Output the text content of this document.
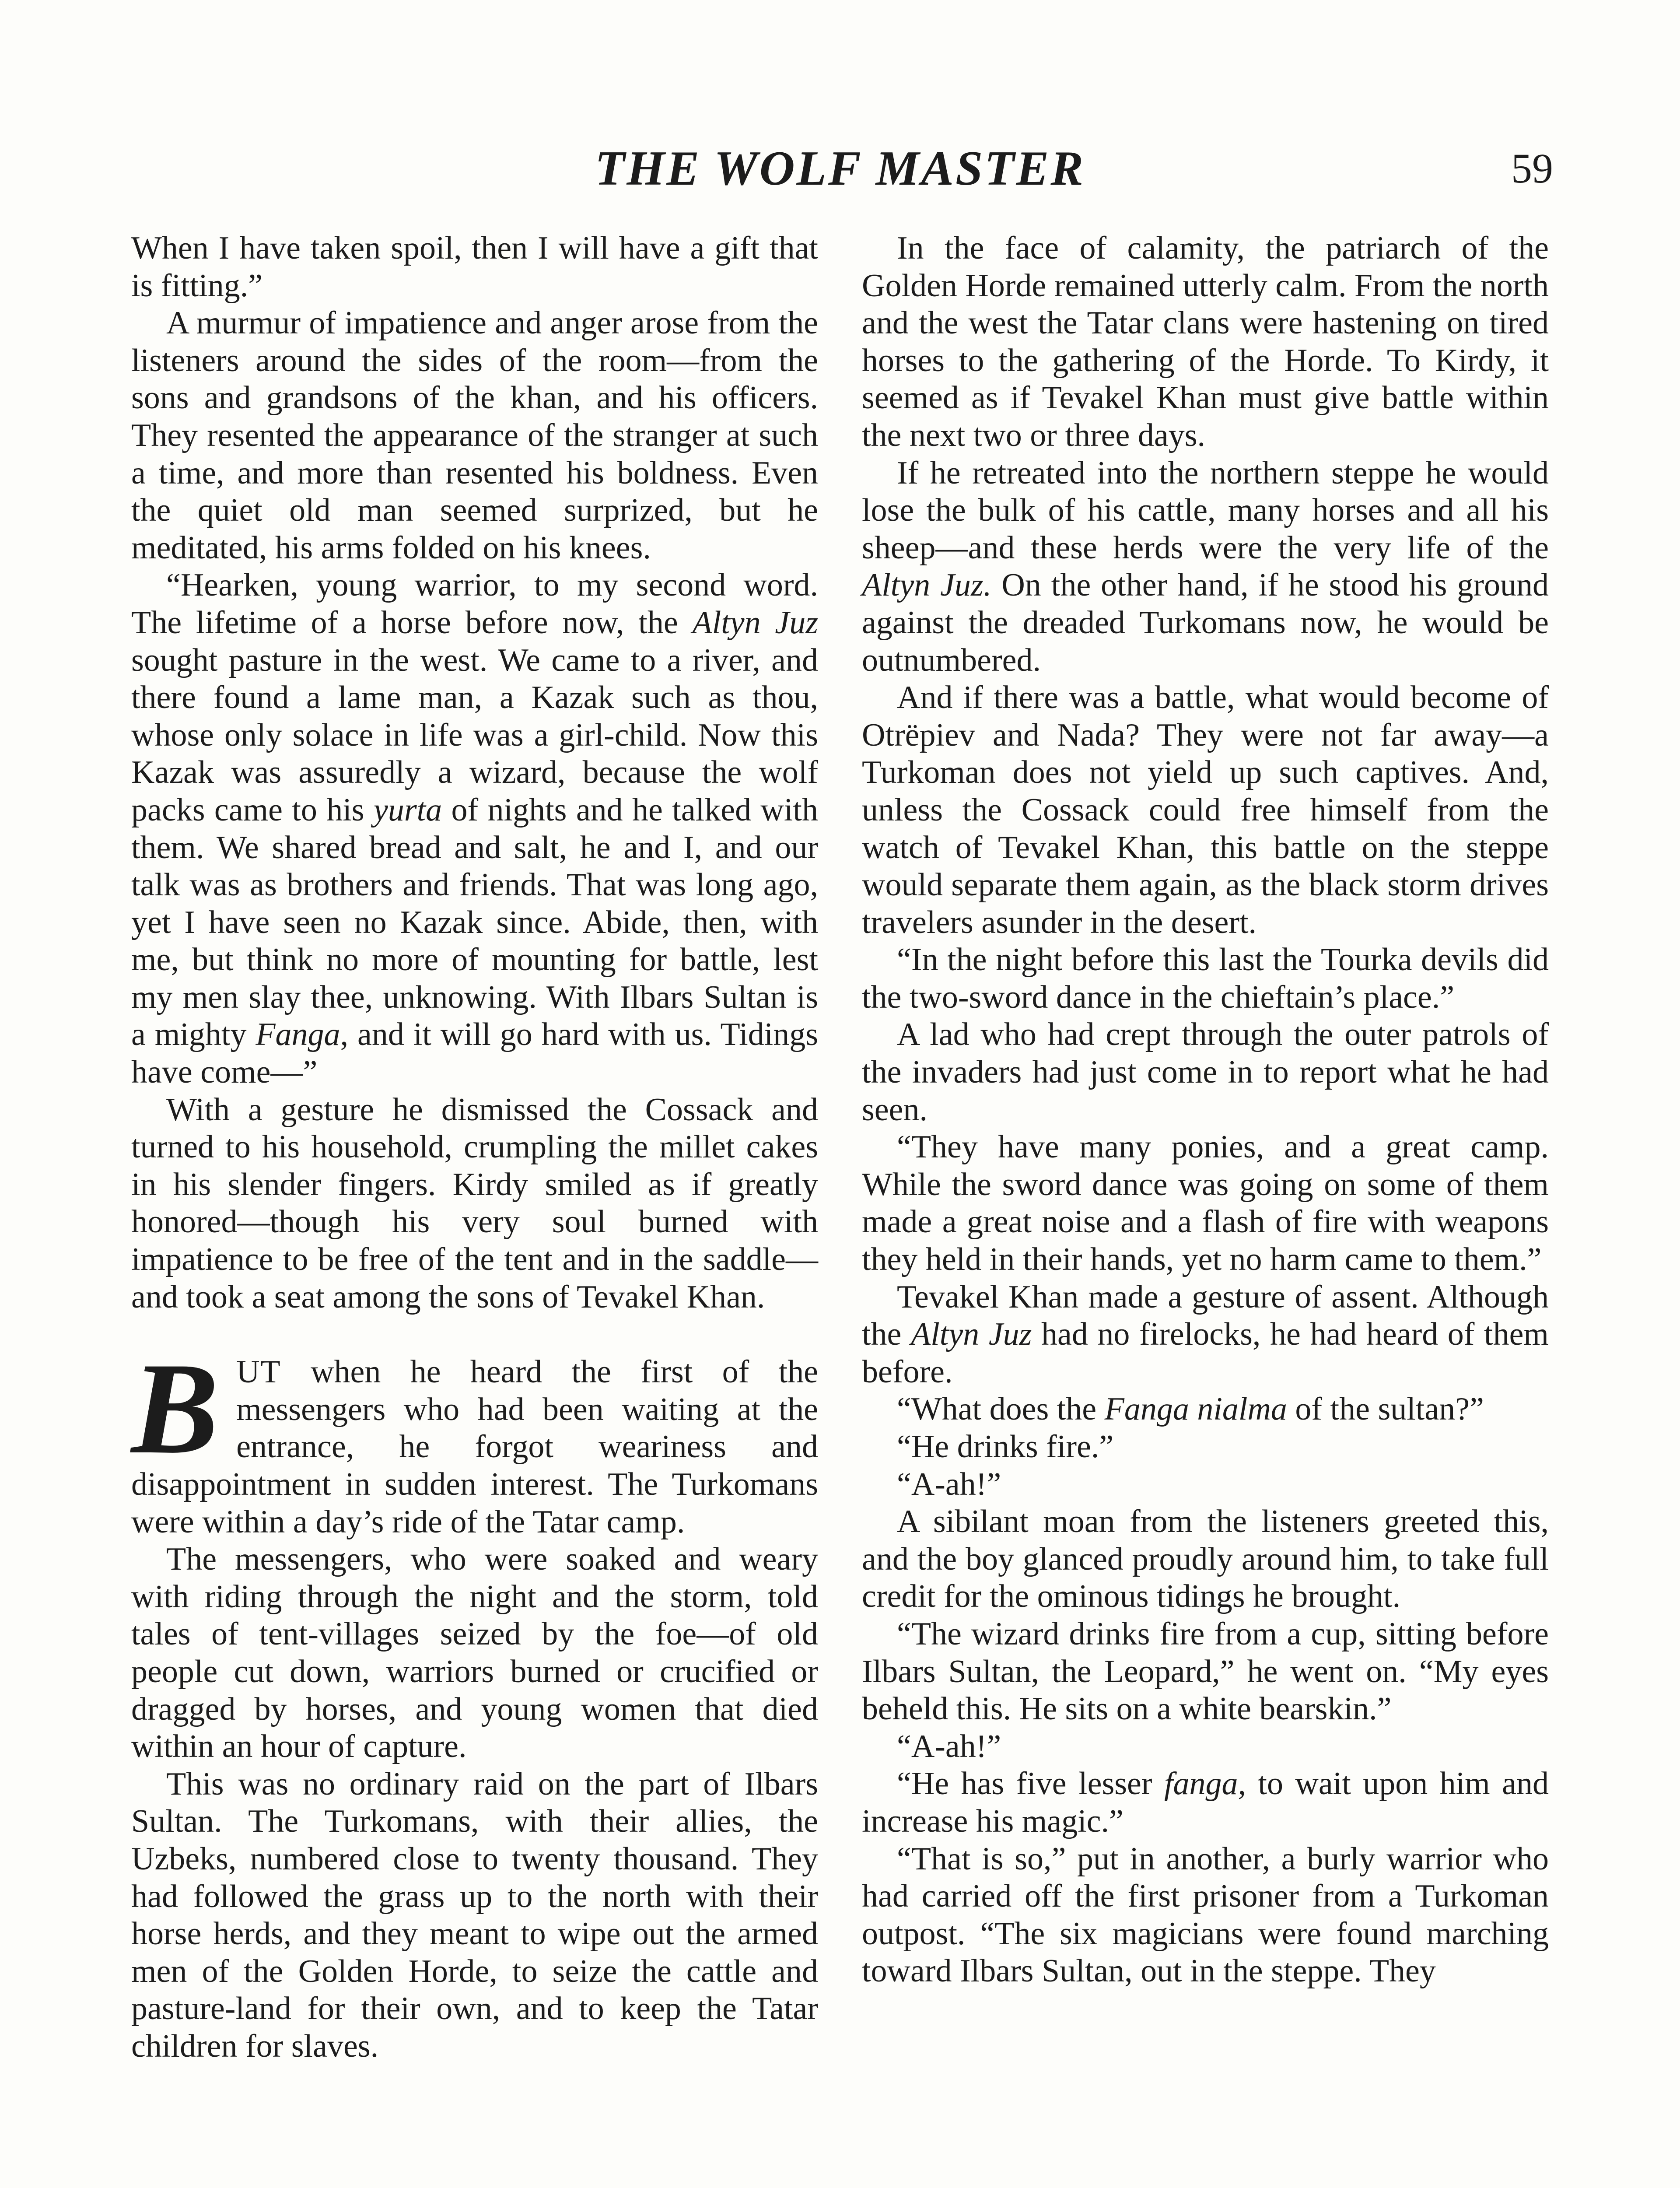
THE WOLF MASTER	59

When I have taken spoil, then I will have a gift that is fitting.”

A murmur of impatience and anger arose from the listeners around the sides of the room—from the sons and grandsons of the khan, and his officers. They resented the appearance of the stranger at such a time, and more than resented his boldness. Even the quiet old man seemed surprized, but he meditated, his arms folded on his knees.

“Hearken, young warrior, to my second word. The lifetime of a horse before now, the Altyn Juz sought pasture in the west. We came to a river, and there found a lame man, a Kazak such as thou, whose only solace in life was a girl-child. Now this Kazak was assuredly a wizard, because the wolf packs came to his yurta of nights and he talked with them. We shared bread and salt, he and I, and our talk was as brothers and friends. That was long ago, yet I have seen no Kazak since. Abide, then, with me, but think no more of mounting for battle, lest my men slay thee, unknowing. With Ilbars Sultan is a mighty Fanga, and it will go hard with us. Tidings have come—”

With a gesture he dismissed the Cossack and turned to his household, crumpling the millet cakes in his slender fingers. Kirdy smiled as if greatly honored—though his very soul burned with impatience to be free of the tent and in the saddle—and took a seat among the sons of Tevakel Khan.

BUT when he heard the first of the messengers who had been waiting at the entrance, he forgot weariness and disappointment in sudden interest. The Turkomans were within a day’s ride of the Tatar camp.

The messengers, who were soaked and weary with riding through the night and the storm, told tales of tent-villages seized by the foe—of old people cut down, warriors burned or crucified or dragged by horses, and young women that died within an hour of capture.

This was no ordinary raid on the part of Ilbars Sultan. The Turkomans, with their allies, the Uzbeks, numbered close to twenty thousand. They had followed the grass up to the north with their horse herds, and they meant to wipe out the armed men of the Golden Horde, to seize the cattle and pasture-land for their own, and to keep the Tatar children for slaves.

In the face of calamity, the patriarch of the Golden Horde remained utterly calm. From the north and the west the Tatar clans were hastening on tired horses to the gathering of the Horde. To Kirdy, it seemed as if Tevakel Khan must give battle within the next two or three days.

If he retreated into the northern steppe he would lose the bulk of his cattle, many horses and all his sheep—and these herds were the very life of the Altyn Juz. On the other hand, if he stood his ground against the dreaded Turkomans now, he would be outnumbered.

And if there was a battle, what would become of Otrëpiev and Nada? They were not far away—a Turkoman does not yield up such captives. And, unless the Cossack could free himself from the watch of Tevakel Khan, this battle on the steppe would separate them again, as the black storm drives travelers asunder in the desert.

“In the night before this last the Tourka devils did the two-sword dance in the chieftain’s place.”

A lad who had crept through the outer patrols of the invaders had just come in to report what he had seen.

“They have many ponies, and a great camp. While the sword dance was going on some of them made a great noise and a flash of fire with weapons they held in their hands, yet no harm came to them.”

Tevakel Khan made a gesture of assent. Although the Altyn Juz had no firelocks, he had heard of them before.

“What does the Fanga nialma of the sultan?”

“He drinks fire.”

“A-ah!”

A sibilant moan from the listeners greeted this, and the boy glanced proudly around him, to take full credit for the ominous tidings he brought.

“The wizard drinks fire from a cup, sitting before Ilbars Sultan, the Leopard,” he went on. “My eyes beheld this. He sits on a white bearskin.”

“A-ah!”

“He has five lesser fanga, to wait upon him and increase his magic.”

“That is so,” put in another, a burly warrior who had carried off the first prisoner from a Turkoman outpost. “The six magicians were found marching toward Ilbars Sultan, out in the steppe. They
